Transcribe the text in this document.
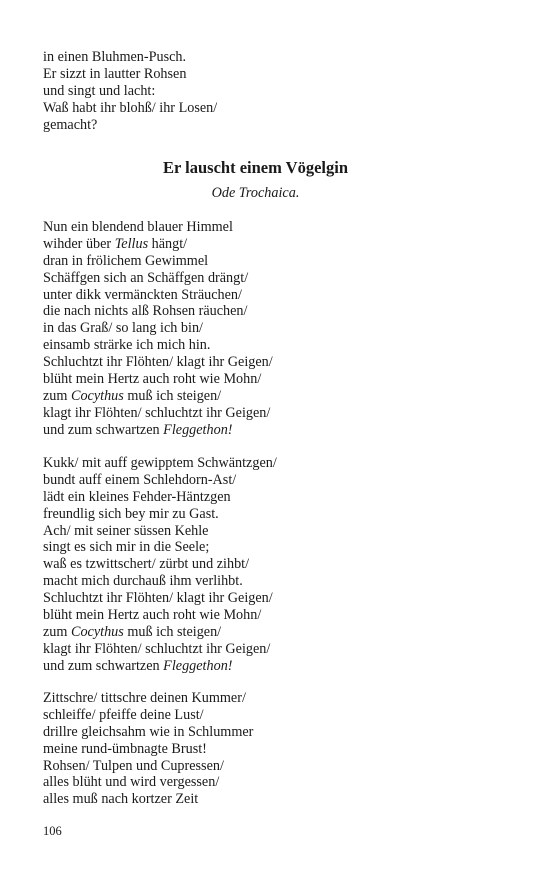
in einen Bluhmen-Pusch.
Er sizzt in lautter Rohsen
und singt und lacht:
Waß habt ihr blohß/ ihr Losen/
gemacht?
Er lauscht einem Vögelgin
Ode Trochaica.
Nun ein blendend blauer Himmel
wihder über Tellus hängt/
dran in frölichem Gewimmel
Schäffgen sich an Schäffgen drängt/
unter dikk vermänckten Sträuchen/
die nach nichts alß Rohsen räuchen/
in das Graß/ so lang ich bin/
einsamb strärke ich mich hin.
Schluchtzt ihr Flöhten/ klagt ihr Geigen/
blüht mein Hertz auch roht wie Mohn/
zum Cocythus muß ich steigen/
klagt ihr Flöhten/ schluchtzt ihr Geigen/
und zum schwartzen Fleggethon!
Kukk/ mit auff gewipptem Schwäntzgen/
bundt auff einem Schlehdorn-Ast/
lädt ein kleines Fehder-Häntzgen
freundlig sich bey mir zu Gast.
Ach/ mit seiner süssen Kehle
singt es sich mir in die Seele;
waß es tzwittschert/ zürbt und zihbt/
macht mich durchauß ihm verlihbt.
Schluchtzt ihr Flöhten/ klagt ihr Geigen/
blüht mein Hertz auch roht wie Mohn/
zum Cocythus muß ich steigen/
klagt ihr Flöhten/ schluchtzt ihr Geigen/
und zum schwartzen Fleggethon!
Zittschre/ tittschre deinen Kummer/
schleiffe/ pfeiffe deine Lust/
drillre gleichsahm wie in Schlummer
meine rund-ümbnagte Brust!
Rohsen/ Tulpen und Cupressen/
alles blüht und wird vergessen/
alles muß nach kortzer Zeit
106
